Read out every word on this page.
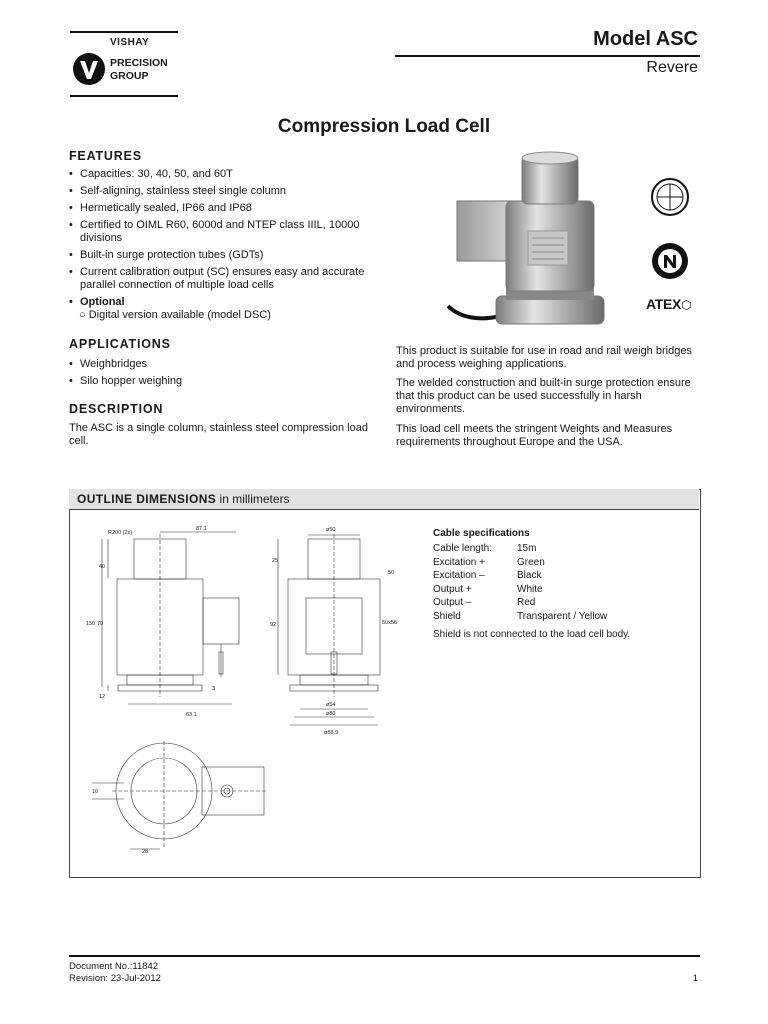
VISHAY
PRECISION
GROUP
Model ASC
Revere
Compression Load Cell
FEATURES
• Capacities: 30, 40, 50, and 60T
• Self-aligning, stainless steel single column
• Hermetically sealed, IP66 and IP68
• Certified to OIML R60, 6000d and NTEP class IIIL, 10000 divisions
• Built-in surge protection tubes (GDTs)
• Current calibration output (SC) ensures easy and accurate parallel connection of multiple load cells
• Optional
○ Digital version available (model DSC)
APPLICATIONS
• Weighbridges
• Silo hopper weighing
DESCRIPTION
The ASC is a single column, stainless steel compression load cell.
ATEX⬡
This product is suitable for use in road and rail weigh bridges and process weighing applications.
The welded construction and built-in surge protection ensure that this product can be used successfully in harsh environments.
This load cell meets the stringent Weights and Measures requirements throughout Europe and the USA.
OUTLINE DIMENSIONS in millimeters
R200 (2x)
87.1
40
150 70
12
3
63.1
ø50
25
50
92	50x56
ø54
ø80
ø88.9
16
28
Cable specifications
Cable length:	15m
Excitation +	Green
Excitation –	Black
Output +	White
Output –	Red
Shield	Transparent / Yellow
Shield is not connected to the load cell body.
Document No.:11842
Revision: 23-Jul-2012	1
